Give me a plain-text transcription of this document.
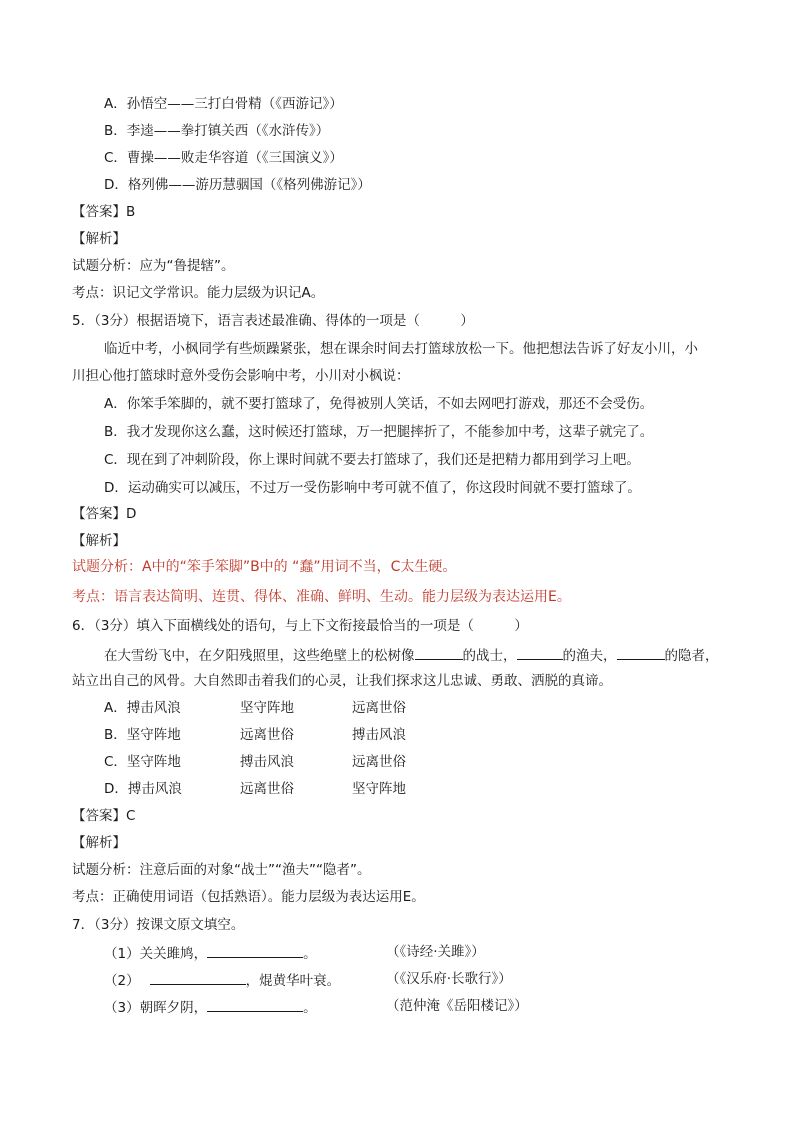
A．孙悟空——三打白骨精（《西游记》）
B．李逵——拳打镇关西（《水浒传》）
C．曹操——败走华容道（《三国演义》）
D．格列佛——游历慧骃国（《格列佛游记》）
【答案】B
【解析】
试题分析：应为“鲁提辖”。
考点：识记文学常识。能力层级为识记A。
5．（3分）根据语境下，语言表述最准确、得体的一项是（　　　）
临近中考，小枫同学有些烦躁紧张，想在课余时间去打篮球放松一下。他把想法告诉了好友小川，小
川担心他打篮球时意外受伤会影响中考，小川对小枫说：
A．你笨手笨脚的，就不要打篮球了，免得被别人笑话，不如去网吧打游戏，那还不会受伤。
B．我才发现你这么蠢，这时候还打篮球，万一把腿摔折了，不能参加中考，这辈子就完了。
C．现在到了冲刺阶段，你上课时间就不要去打篮球了，我们还是把精力都用到学习上吧。
D．运动确实可以减压，不过万一受伤影响中考可就不值了，你这段时间就不要打篮球了。
【答案】D
【解析】
试题分析：A中的“笨手笨脚”B中的 “蠢”用词不当，C太生硬。
考点：语言表达简明、连贯、得体、准确、鲜明、生动。能力层级为表达运用E。
6．（3分）填入下面横线处的语句，与上下文衔接最恰当的一项是（　　　）
在大雪纷飞中，在夕阳残照里，这些绝壁上的松树像	的战士，	的渔夫，	的隐者，
站立出自己的风骨。大自然即击着我们的心灵，让我们探求这儿忠诚、勇敢、洒脱的真谛。
A．搏击风浪	坚守阵地	远离世俗
B．坚守阵地	远离世俗	搏击风浪
C．坚守阵地	搏击风浪	远离世俗
D．搏击风浪	远离世俗	坚守阵地
【答案】C
【解析】
试题分析：注意后面的对象“战士”“渔夫”“隐者”。
考点：正确使用词语（包括熟语）。能力层级为表达运用E。
7．（3分）按课文原文填空。
（1）关关雎鸠，	。	（《诗经·关雎》）
（2）	，焜黄华叶衰。	（《汉乐府·长歌行》）
（3）朝晖夕阴，	。	（范仲淹《岳阳楼记》）
